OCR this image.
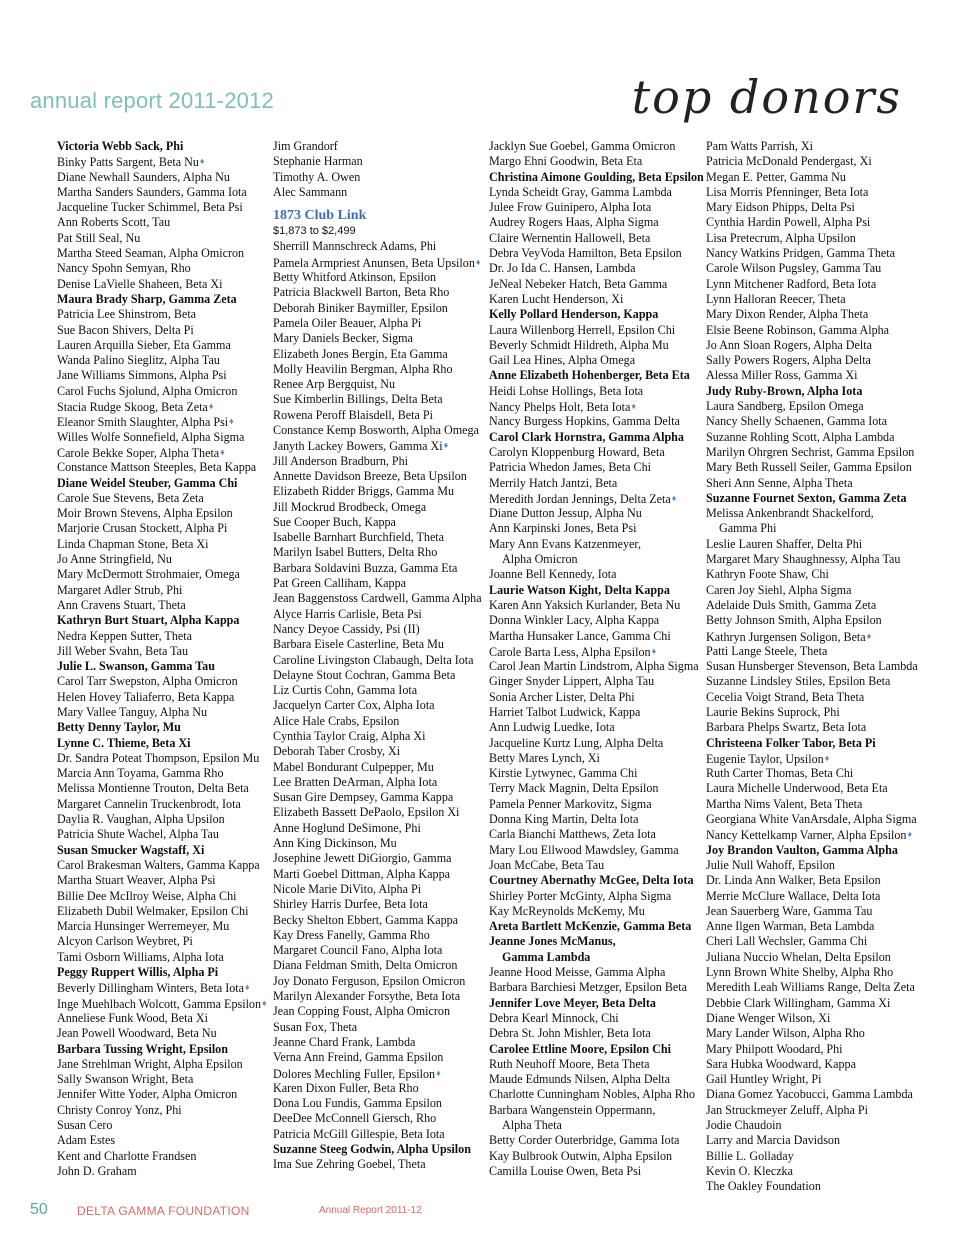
annual report 2011-2012	top donors
Victoria Webb Sack, Phi
Binky Patts Sargent, Beta Nu♦
Diane Newhall Saunders, Alpha Nu
Martha Sanders Saunders, Gamma Iota
Jacqueline Tucker Schimmel, Beta Psi
Ann Roberts Scott, Tau
Pat Still Seal, Nu
Martha Steed Seaman, Alpha Omicron
Nancy Spohn Semyan, Rho
Denise LaVielle Shaheen, Beta Xi
Maura Brady Sharp, Gamma Zeta
Patricia Lee Shinstrom, Beta
Sue Bacon Shivers, Delta Pi
Lauren Arquilla Sieber, Eta Gamma
Wanda Palino Sieglitz, Alpha Tau
Jane Williams Simmons, Alpha Psi
Carol Fuchs Sjolund, Alpha Omicron
Stacia Rudge Skoog, Beta Zeta♦
Eleanor Smith Slaughter, Alpha Psi♦
Willes Wolfe Sonnefield, Alpha Sigma
Carole Bekke Soper, Alpha Theta♦
Constance Mattson Steeples, Beta Kappa
Diane Weidel Steuber, Gamma Chi
Carole Sue Stevens, Beta Zeta
Moir Brown Stevens, Alpha Epsilon
Marjorie Crusan Stockett, Alpha Pi
Linda Chapman Stone, Beta Xi
Jo Anne Stringfield, Nu
Mary McDermott Strohmaier, Omega
Margaret Adler Strub, Phi
Ann Cravens Stuart, Theta
Kathryn Burt Stuart, Alpha Kappa
Nedra Keppen Sutter, Theta
Jill Weber Svahn, Beta Tau
Julie L. Swanson, Gamma Tau
Carol Tarr Swepston, Alpha Omicron
Helen Hovey Taliaferro, Beta Kappa
Mary Vallee Tanguy, Alpha Nu
Betty Denny Taylor, Mu
Lynne C. Thieme, Beta Xi
Dr. Sandra Poteat Thompson, Epsilon Mu
Marcia Ann Toyama, Gamma Rho
Melissa Montienne Trouton, Delta Beta
Margaret Cannelin Truckenbrodt, Iota
Daylia R. Vaughan, Alpha Upsilon
Patricia Shute Wachel, Alpha Tau
Susan Smucker Wagstaff, Xi
Carol Brakesman Walters, Gamma Kappa
Martha Stuart Weaver, Alpha Psi
Billie Dee McIlroy Weise, Alpha Chi
Elizabeth Dubil Welmaker, Epsilon Chi
Marcia Hunsinger Werremeyer, Mu
Alcyon Carlson Weybret, Pi
Tami Osborn Williams, Alpha Iota
Peggy Ruppert Willis, Alpha Pi
Beverly Dillingham Winters, Beta Iota♦
Inge Muehlbach Wolcott, Gamma Epsilon♦
Anneliese Funk Wood, Beta Xi
Jean Powell Woodward, Beta Nu
Barbara Tussing Wright, Epsilon
Jane Strehlman Wright, Alpha Epsilon
Sally Swanson Wright, Beta
Jennifer Witte Yoder, Alpha Omicron
Christy Conroy Yonz, Phi
Susan Cero
Adam Estes
Kent and Charlotte Frandsen
John D. Graham
Jim Grandorf
Stephanie Harman
Timothy A. Owen
Alec Sammann
1873 Club Link
$1,873 to $2,499
Sherrill Mannschreck Adams, Phi
Pamela Armpriest Anunsen, Beta Upsilon♦
Betty Whitford Atkinson, Epsilon
Patricia Blackwell Barton, Beta Rho
Deborah Biniker Baymiller, Epsilon
Pamela Oiler Beauer, Alpha Pi
Mary Daniels Becker, Sigma
Elizabeth Jones Bergin, Eta Gamma
Molly Heavilin Bergman, Alpha Rho
Renee Arp Bergquist, Nu
Sue Kimberlin Billings, Delta Beta
Rowena Peroff Blaisdell, Beta Pi
Constance Kemp Bosworth, Alpha Omega
Janyth Lackey Bowers, Gamma Xi♦
Jill Anderson Bradburn, Phi
Annette Davidson Breeze, Beta Upsilon
Elizabeth Ridder Briggs, Gamma Mu
Jill Mockrud Brodbeck, Omega
Sue Cooper Buch, Kappa
Isabelle Barnhart Burchfield, Theta
Marilyn Isabel Butters, Delta Rho
Barbara Soldavini Buzza, Gamma Eta
Pat Green Calliham, Kappa
Jean Baggenstoss Cardwell, Gamma Alpha
Alyce Harris Carlisle, Beta Psi
Nancy Deyoe Cassidy, Psi (II)
Barbara Eisele Casterline, Beta Mu
Caroline Livingston Clabaugh, Delta Iota
Delayne Stout Cochran, Gamma Beta
Liz Curtis Cohn, Gamma Iota
Jacquelyn Carter Cox, Alpha Iota
Alice Hale Crabs, Epsilon
Cynthia Taylor Craig, Alpha Xi
Deborah Taber Crosby, Xi
Mabel Bondurant Culpepper, Mu
Lee Bratten DeArman, Alpha Iota
Susan Gire Dempsey, Gamma Kappa
Elizabeth Bassett DePaolo, Epsilon Xi
Anne Hoglund DeSimone, Phi
Ann King Dickinson, Mu
Josephine Jewett DiGiorgio, Gamma
Marti Goebel Dittman, Alpha Kappa
Nicole Marie DiVito, Alpha Pi
Shirley Harris Durfee, Beta Iota
Becky Shelton Ebbert, Gamma Kappa
Kay Dress Fanelly, Gamma Rho
Margaret Council Fano, Alpha Iota
Diana Feldman Smith, Delta Omicron
Joy Donato Ferguson, Epsilon Omicron
Marilyn Alexander Forsythe, Beta Iota
Jean Copping Foust, Alpha Omicron
Susan Fox, Theta
Jeanne Chard Frank, Lambda
Verna Ann Freind, Gamma Epsilon
Dolores Mechling Fuller, Epsilon♦
Karen Dixon Fuller, Beta Rho
Dona Lou Fundis, Gamma Epsilon
DeeDee McConnell Giersch, Rho
Patricia McGill Gillespie, Beta Iota
Suzanne Steeg Godwin, Alpha Upsilon
Ima Sue Zehring Goebel, Theta
Jacklyn Sue Goebel, Gamma Omicron
Margo Ehni Goodwin, Beta Eta
Christina Aimone Goulding, Beta Epsilon
Lynda Scheidt Gray, Gamma Lambda
Julee Frow Guinipero, Alpha Iota
Audrey Rogers Haas, Alpha Sigma
Claire Wernentin Hallowell, Beta
Debra VeyVoda Hamilton, Beta Epsilon
Dr. Jo Ida C. Hansen, Lambda
JeNeal Nebeker Hatch, Beta Gamma
Karen Lucht Henderson, Xi
Kelly Pollard Henderson, Kappa
Laura Willenborg Herrell, Epsilon Chi
Beverly Schmidt Hildreth, Alpha Mu
Gail Lea Hines, Alpha Omega
Anne Elizabeth Hohenberger, Beta Eta
Heidi Lohse Hollings, Beta Iota
Nancy Phelps Holt, Beta Iota♦
Nancy Burgess Hopkins, Gamma Delta
Carol Clark Hornstra, Gamma Alpha
Carolyn Kloppenburg Howard, Beta
Patricia Whedon James, Beta Chi
Merrily Hatch Jantzi, Beta
Meredith Jordan Jennings, Delta Zeta♦
Diane Dutton Jessup, Alpha Nu
Ann Karpinski Jones, Beta Psi
Mary Ann Evans Katzenmeyer,
Alpha Omicron
Joanne Bell Kennedy, Iota
Laurie Watson Kight, Delta Kappa
Karen Ann Yaksich Kurlander, Beta Nu
Donna Winkler Lacy, Alpha Kappa
Martha Hunsaker Lance, Gamma Chi
Carole Barta Less, Alpha Epsilon♦
Carol Jean Martin Lindstrom, Alpha Sigma
Ginger Snyder Lippert, Alpha Tau
Sonia Archer Lister, Delta Phi
Harriet Talbot Ludwick, Kappa
Ann Ludwig Luedke, Iota
Jacqueline Kurtz Lung, Alpha Delta
Betty Mares Lynch, Xi
Kirstie Lytwynec, Gamma Chi
Terry Mack Magnin, Delta Epsilon
Pamela Penner Markovitz, Sigma
Donna King Martin, Delta Iota
Carla Bianchi Matthews, Zeta Iota
Mary Lou Ellwood Mawdsley, Gamma
Joan McCabe, Beta Tau
Courtney Abernathy McGee, Delta Iota
Shirley Porter McGinty, Alpha Sigma
Kay McReynolds McKemy, Mu
Areta Bartlett McKenzie, Gamma Beta
Jeanne Jones McManus,
Gamma Lambda
Jeanne Hood Meisse, Gamma Alpha
Barbara Barchiesi Metzger, Epsilon Beta
Jennifer Love Meyer, Beta Delta
Debra Kearl Minnock, Chi
Debra St. John Mishler, Beta Iota
Carolee Ettline Moore, Epsilon Chi
Ruth Neuhoff Moore, Beta Theta
Maude Edmunds Nilsen, Alpha Delta
Charlotte Cunningham Nobles, Alpha Rho
Barbara Wangenstein Oppermann,
Alpha Theta
Betty Corder Outerbridge, Gamma Iota
Kay Bulbrook Outwin, Alpha Epsilon
Camilla Louise Owen, Beta Psi
Pam Watts Parrish, Xi
Patricia McDonald Pendergast, Xi
Megan E. Petter, Gamma Nu
Lisa Morris Pfenninger, Beta Iota
Mary Eidson Phipps, Delta Psi
Cynthia Hardin Powell, Alpha Psi
Lisa Pretecrum, Alpha Upsilon
Nancy Watkins Pridgen, Gamma Theta
Carole Wilson Pugsley, Gamma Tau
Lynn Mitchener Radford, Beta Iota
Lynn Halloran Reecer, Theta
Mary Dixon Render, Alpha Theta
Elsie Beene Robinson, Gamma Alpha
Jo Ann Sloan Rogers, Alpha Delta
Sally Powers Rogers, Alpha Delta
Alessa Miller Ross, Gamma Xi
Judy Ruby-Brown, Alpha Iota
Laura Sandberg, Epsilon Omega
Nancy Shelly Schaenen, Gamma Iota
Suzanne Rohling Scott, Alpha Lambda
Marilyn Ohrgren Sechrist, Gamma Epsilon
Mary Beth Russell Seiler, Gamma Epsilon
Sheri Ann Senne, Alpha Theta
Suzanne Fournet Sexton, Gamma Zeta
Melissa Ankenbrandt Shackelford,
Gamma Phi
Leslie Lauren Shaffer, Delta Phi
Margaret Mary Shaughnessy, Alpha Tau
Kathryn Foote Shaw, Chi
Caren Joy Siehl, Alpha Sigma
Adelaide Duls Smith, Gamma Zeta
Betty Johnson Smith, Alpha Epsilon
Kathryn Jurgensen Soligon, Beta♦
Patti Lange Steele, Theta
Susan Hunsberger Stevenson, Beta Lambda
Suzanne Lindsley Stiles, Epsilon Beta
Cecelia Voigt Strand, Beta Theta
Laurie Bekins Suprock, Phi
Barbara Phelps Swartz, Beta Iota
Christeena Folker Tabor, Beta Pi
Eugenie Taylor, Upsilon♦
Ruth Carter Thomas, Beta Chi
Laura Michelle Underwood, Beta Eta
Martha Nims Valent, Beta Theta
Georgiana White VanArsdale, Alpha Sigma
Nancy Kettelkamp Varner, Alpha Epsilon♦
Joy Brandon Vaulton, Gamma Alpha
Julie Null Wahoff, Epsilon
Dr. Linda Ann Walker, Beta Epsilon
Merrie McClure Wallace, Delta Iota
Jean Sauerberg Ware, Gamma Tau
Anne Ilgen Warman, Beta Lambda
Cheri Lall Wechsler, Gamma Chi
Juliana Nuccio Whelan, Delta Epsilon
Lynn Brown White Shelby, Alpha Rho
Meredith Leah Williams Range, Delta Zeta
Debbie Clark Willingham, Gamma Xi
Diane Wenger Wilson, Xi
Mary Lander Wilson, Alpha Rho
Mary Philpott Woodard, Phi
Sara Hubka Woodward, Kappa
Gail Huntley Wright, Pi
Diana Gomez Yacobucci, Gamma Lambda
Jan Struckmeyer Zeluff, Alpha Pi
Jodie Chaudoin
Larry and Marcia Davidson
Billie L. Golladay
Kevin O. Kleczka
The Oakley Foundation
50 DELTA GAMMA FOUNDATION	Annual Report 2011-12
